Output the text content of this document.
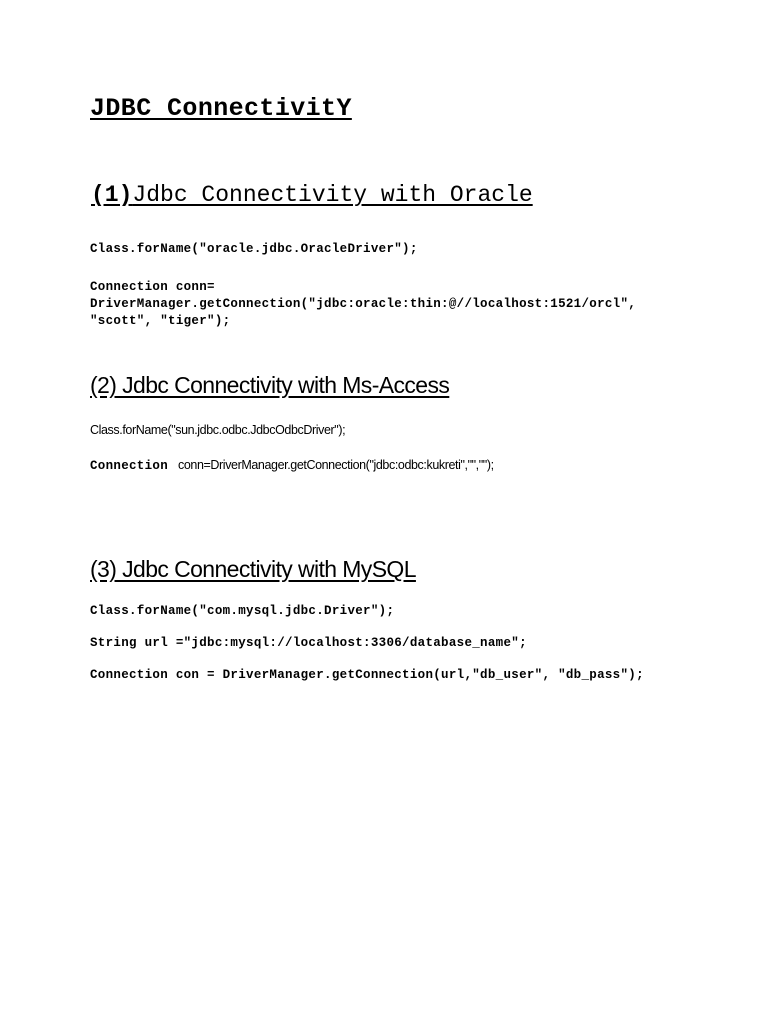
JDBC ConnectivitY
(1)Jdbc Connectivity with Oracle
Class.forName("oracle.jdbc.OracleDriver");
Connection conn=
DriverManager.getConnection("jdbc:oracle:thin:@//localhost:1521/orcl",
"scott", "tiger");
(2) Jdbc Connectivity with Ms-Access
Class.forName("sun.jdbc.odbc.JdbcOdbcDriver");
Connection conn=DriverManager.getConnection("jdbc:odbc:kukreti","","");
(3) Jdbc Connectivity with MySQL
Class.forName("com.mysql.jdbc.Driver");
String url ="jdbc:mysql://localhost:3306/database_name";
Connection con = DriverManager.getConnection(url,"db_user", "db_pass");
